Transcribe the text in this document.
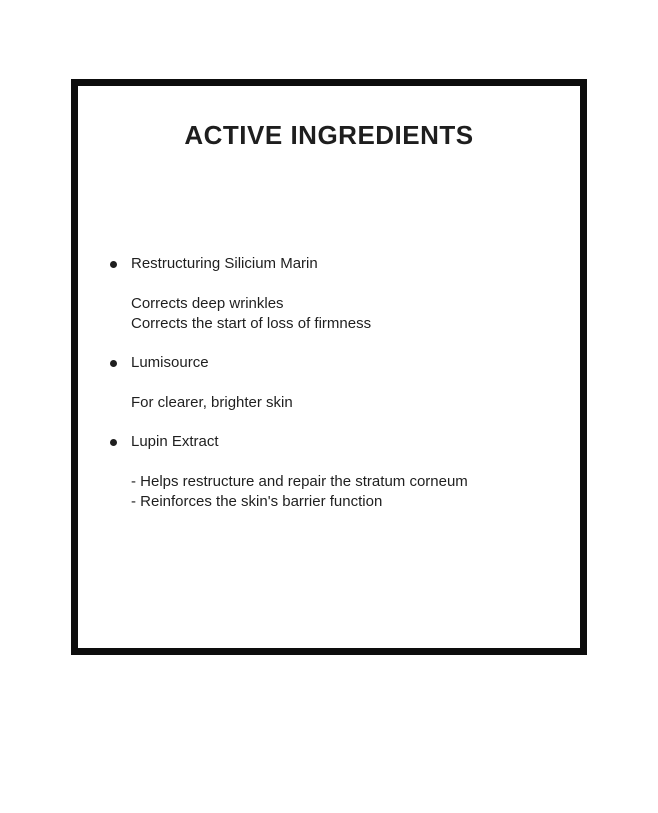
ACTIVE INGREDIENTS
Restructuring Silicium Marin
Corrects deep wrinkles
Corrects the start of loss of firmness
Lumisource
For clearer, brighter skin
Lupin Extract
- Helps restructure and repair the stratum corneum
- Reinforces the skin's barrier function
